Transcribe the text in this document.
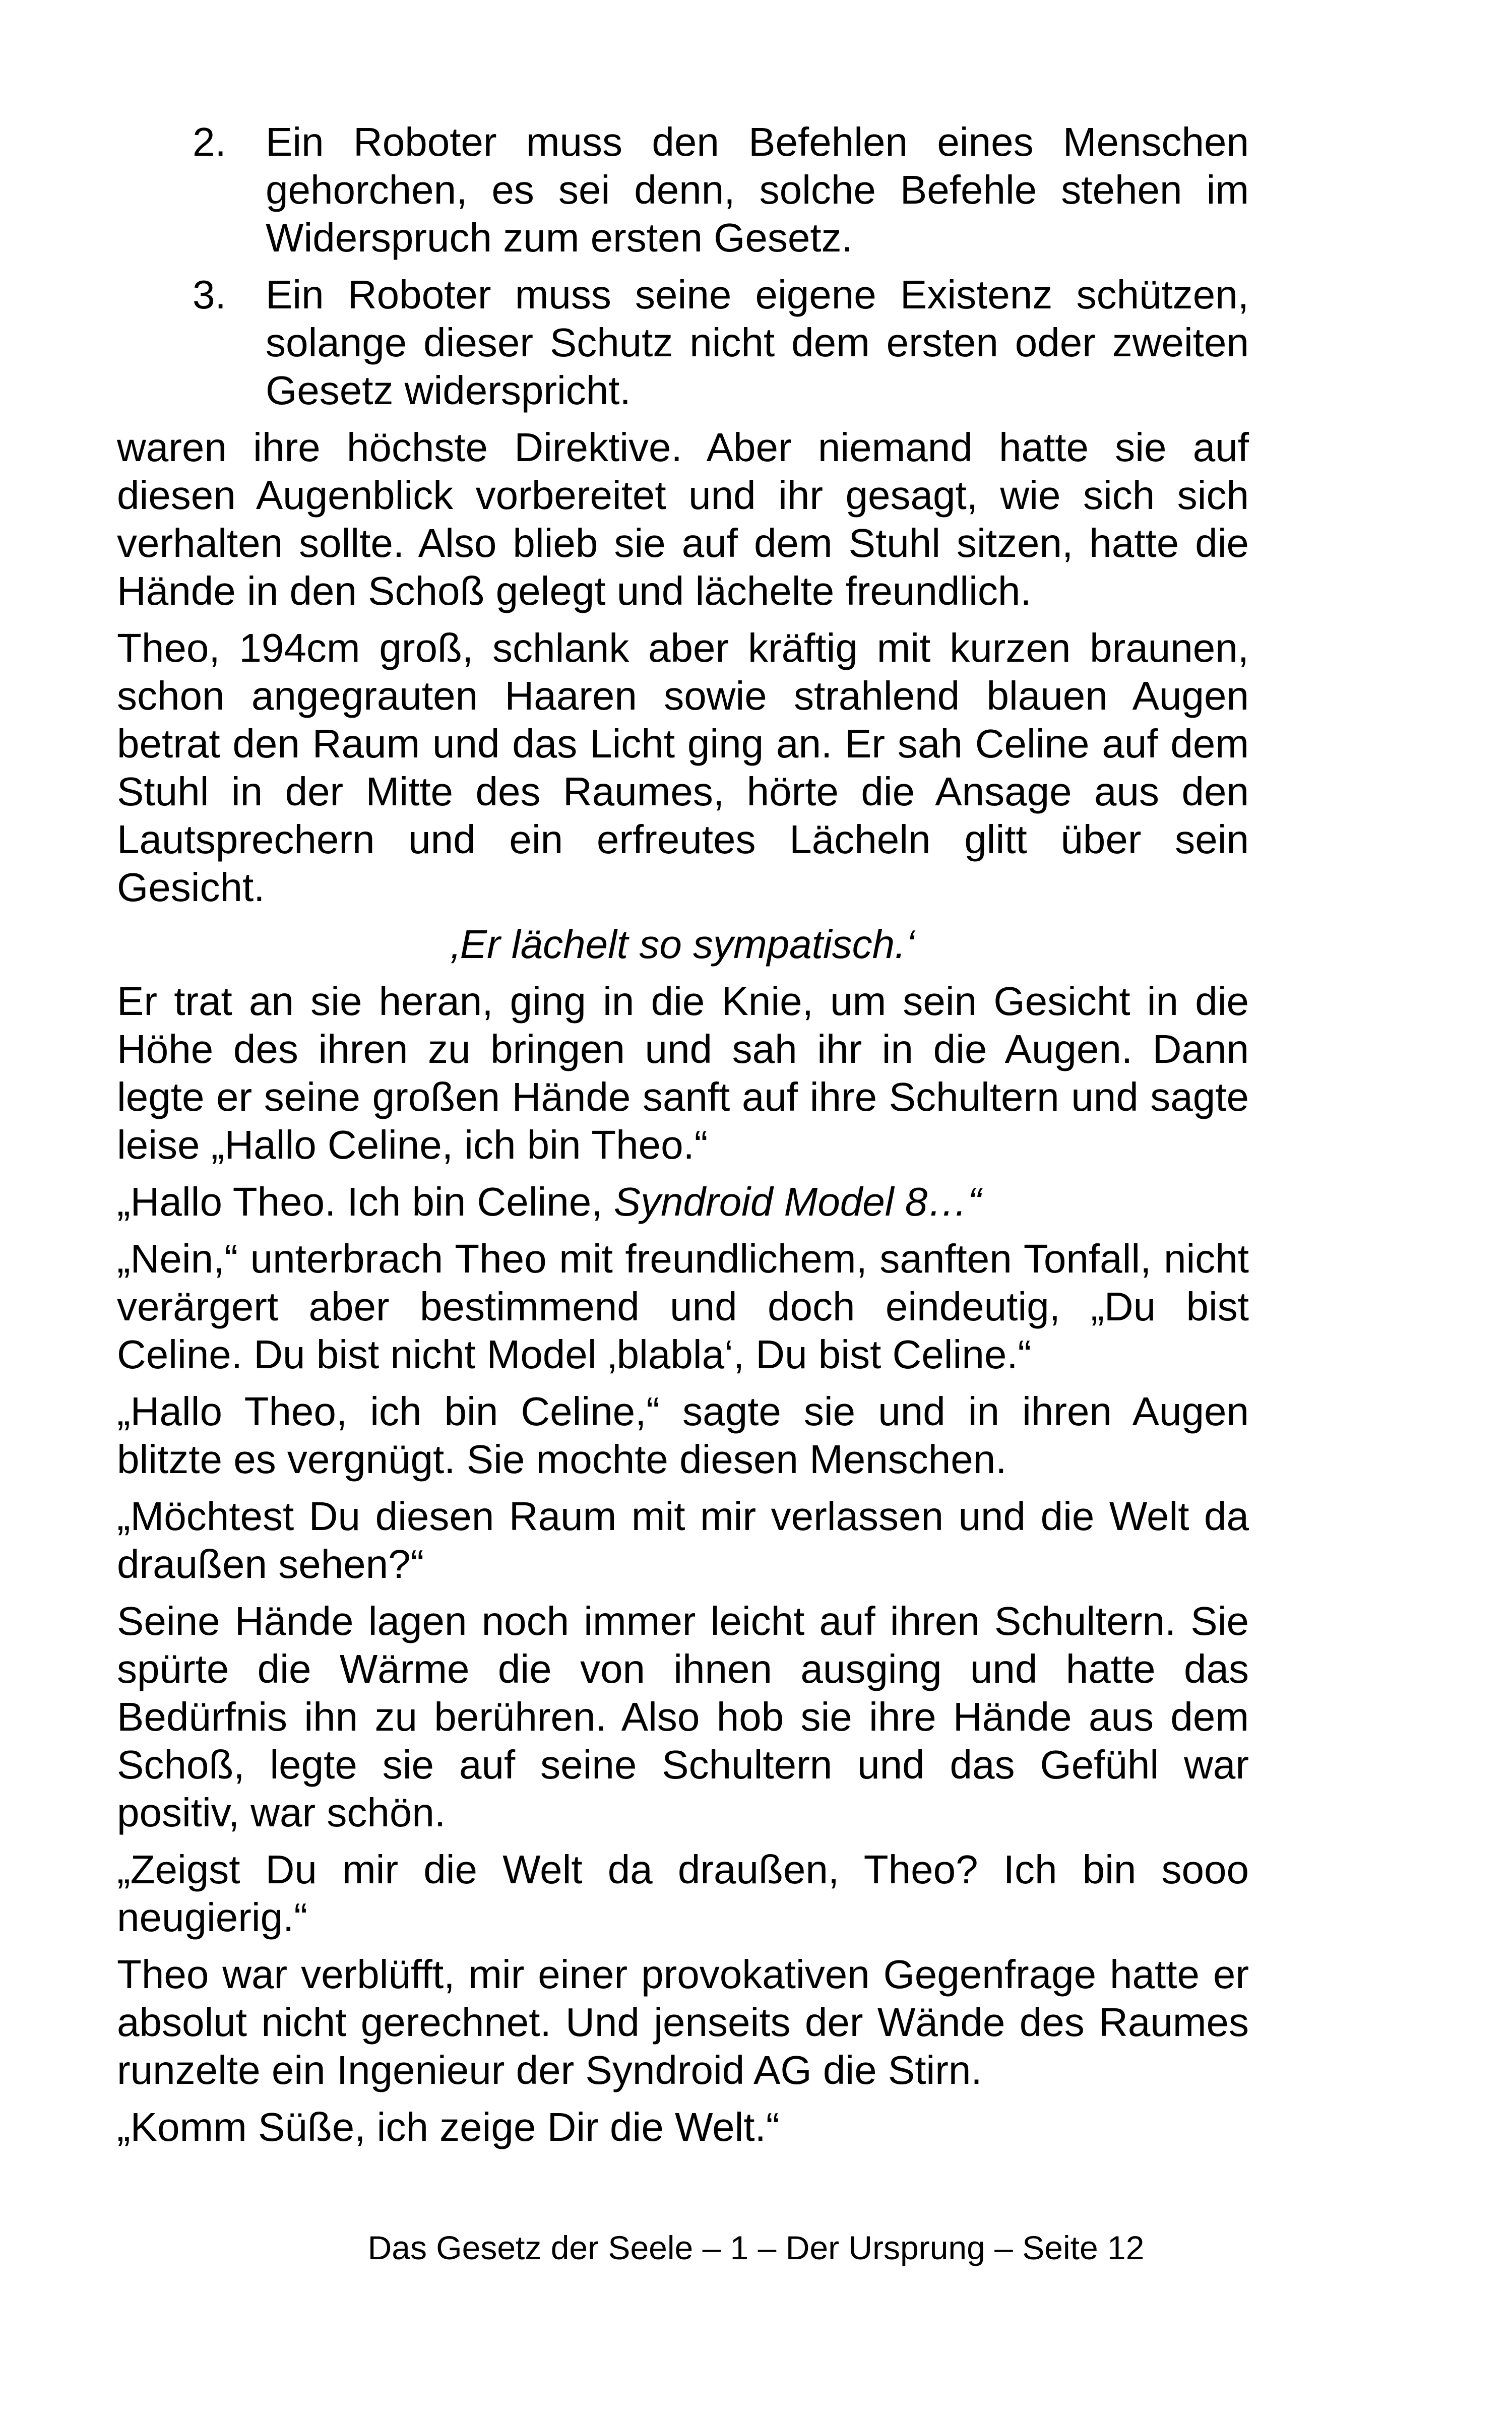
2. Ein Roboter muss den Befehlen eines Menschen gehorchen, es sei denn, solche Befehle stehen im Widerspruch zum ersten Gesetz.
3. Ein Roboter muss seine eigene Existenz schützen, solange dieser Schutz nicht dem ersten oder zweiten Gesetz widerspricht.

waren ihre höchste Direktive. Aber niemand hatte sie auf diesen Augenblick vorbereitet und ihr gesagt, wie sich sich verhalten sollte. Also blieb sie auf dem Stuhl sitzen, hatte die Hände in den Schoß gelegt und lächelte freundlich.

Theo, 194cm groß, schlank aber kräftig mit kurzen braunen, schon angegrauten Haaren sowie strahlend blauen Augen betrat den Raum und das Licht ging an. Er sah Celine auf dem Stuhl in der Mitte des Raumes, hörte die Ansage aus den Lautsprechern und ein erfreutes Lächeln glitt über sein Gesicht.

‚Er lächelt so sympatisch.‘

Er trat an sie heran, ging in die Knie, um sein Gesicht in die Höhe des ihren zu bringen und sah ihr in die Augen. Dann legte er seine großen Hände sanft auf ihre Schultern und sagte leise „Hallo Celine, ich bin Theo.“

„Hallo Theo. Ich bin Celine, Syndroid Model 8…“

„Nein,“ unterbrach Theo mit freundlichem, sanften Tonfall, nicht verärgert aber bestimmend und doch eindeutig, „Du bist Celine. Du bist nicht Model ‚blabla‘, Du bist Celine.“

„Hallo Theo, ich bin Celine,“ sagte sie und in ihren Augen blitzte es vergnügt. Sie mochte diesen Menschen.

„Möchtest Du diesen Raum mit mir verlassen und die Welt da draußen sehen?“

Seine Hände lagen noch immer leicht auf ihren Schultern. Sie spürte die Wärme die von ihnen ausging und hatte das Bedürfnis ihn zu berühren. Also hob sie ihre Hände aus dem Schoß, legte sie auf seine Schultern und das Gefühl war positiv, war schön.

„Zeigst Du mir die Welt da draußen, Theo? Ich bin sooo neugierig.“

Theo war verblüfft, mir einer provokativen Gegenfrage hatte er absolut nicht gerechnet. Und jenseits der Wände des Raumes runzelte ein Ingenieur der Syndroid AG die Stirn.

„Komm Süße, ich zeige Dir die Welt.“

Das Gesetz der Seele – 1 – Der Ursprung – Seite 12
